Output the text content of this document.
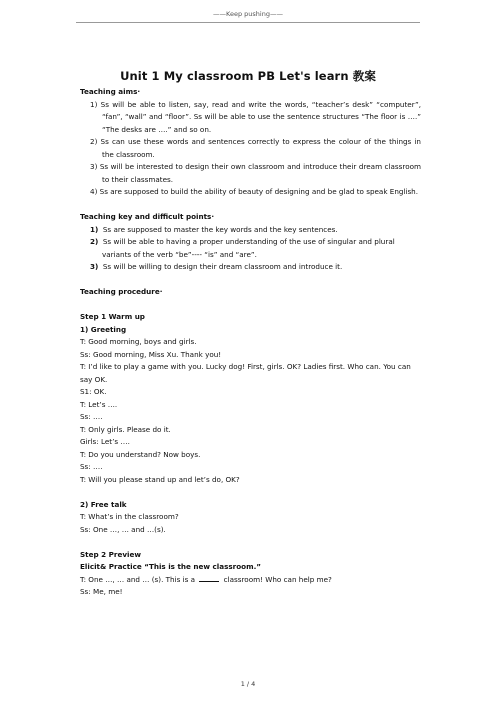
——Keep pushing——
Unit 1 My classroom PB Let's learn 教案

Teaching aims·

1) Ss will be able to listen, say, read and write the words, “teacher’s desk” “computer”, “fan”, “wall” and “floor”. Ss will be able to use the sentence structures “The floor is ….” “The desks are ….” and so on.

2) Ss can use these words and sentences correctly to express the colour of the things in the classroom.

3) Ss will be interested to design their own classroom and introduce their dream classroom to their classmates.

4) Ss are supposed to build the ability of beauty of designing and be glad to speak English.

Teaching key and difficult points·

1) Ss are supposed to master the key words and the key sentences.

2) Ss will be able to having a proper understanding of the use of singular and plural variants of the verb “be”---- “is” and “are”.

3) Ss will be willing to design their dream classroom and introduce it.

Teaching procedure·

Step 1 Warm up

1) Greeting

T: Good morning, boys and girls.

Ss: Good morning, Miss Xu. Thank you!

T: I’d like to play a game with you. Lucky dog! First, girls. OK? Ladies first. Who can. You can say OK.

S1: OK.

T: Let’s ….

Ss: ….

T: Only girls. Please do it.

Girls: Let’s ….

T: Do you understand? Now boys.

Ss: ….

T: Will you please stand up and let’s do, OK?

2) Free talk

T: What’s in the classroom?

Ss: One …, … and …(s).

Step 2 Preview

Elicit& Practice “This is the new classroom.”

T: One …, … and … (s). This is a	classroom! Who can help me?

Ss: Me, me!

1 / 4
